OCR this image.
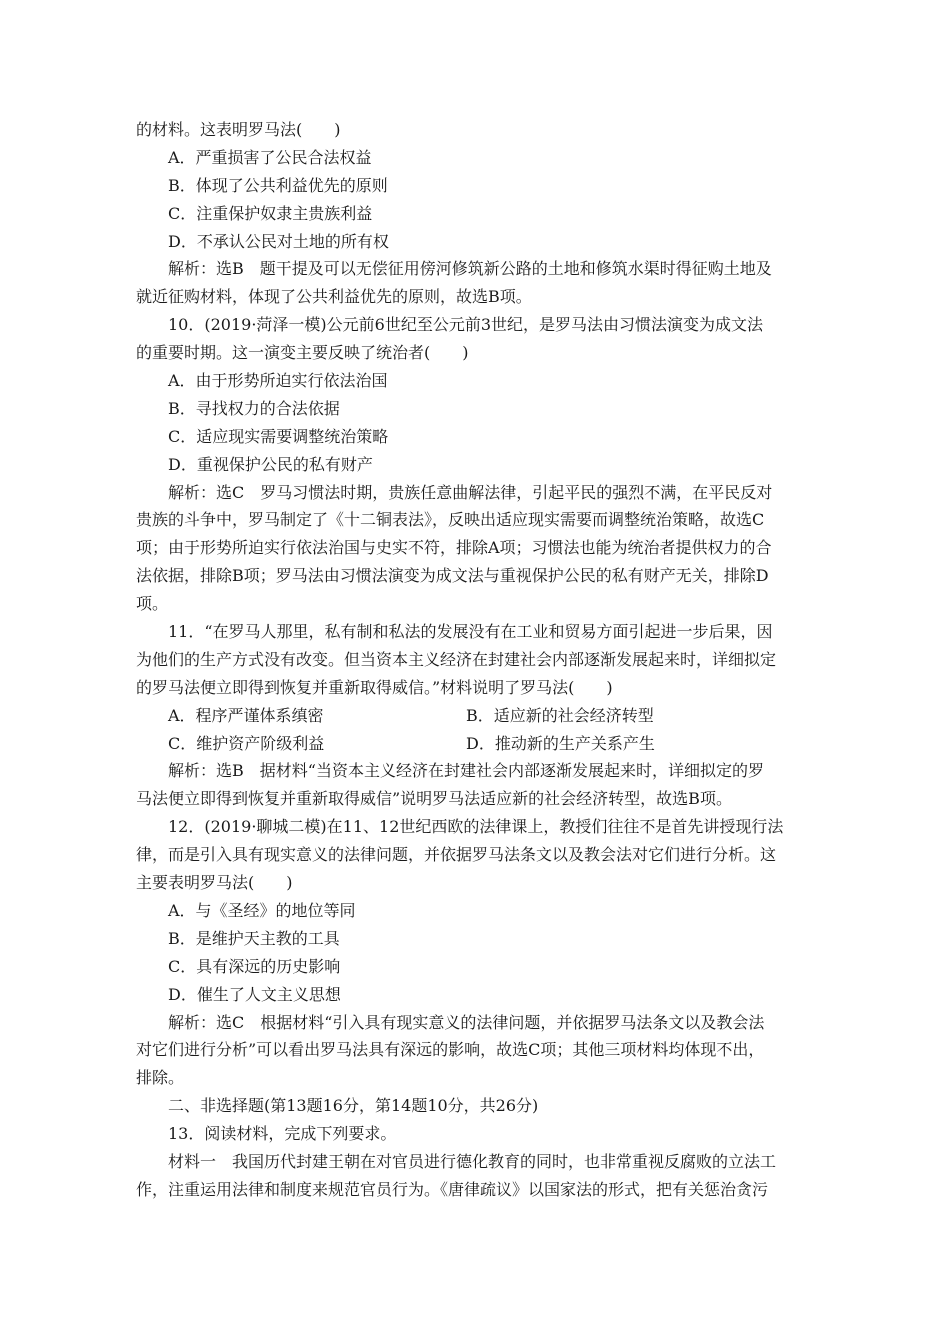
的材料。这表明罗马法(　　)
A．严重损害了公民合法权益
B．体现了公共利益优先的原则
C．注重保护奴隶主贵族利益
D．不承认公民对土地的所有权
解析：选B　题干提及可以无偿征用傍河修筑新公路的土地和修筑水渠时得征购土地及
就近征购材料，体现了公共利益优先的原则，故选B项。
10．(2019·菏泽一模)公元前6世纪至公元前3世纪，是罗马法由习惯法演变为成文法
的重要时期。这一演变主要反映了统治者(　　)
A．由于形势所迫实行依法治国
B．寻找权力的合法依据
C．适应现实需要调整统治策略
D．重视保护公民的私有财产
解析：选C　罗马习惯法时期，贵族任意曲解法律，引起平民的强烈不满，在平民反对
贵族的斗争中，罗马制定了《十二铜表法》，反映出适应现实需要而调整统治策略，故选C
项；由于形势所迫实行依法治国与史实不符，排除A项；习惯法也能为统治者提供权力的合
法依据，排除B项；罗马法由习惯法演变为成文法与重视保护公民的私有财产无关，排除D
项。
11．“在罗马人那里，私有制和私法的发展没有在工业和贸易方面引起进一步后果，因
为他们的生产方式没有改变。但当资本主义经济在封建社会内部逐渐发展起来时，详细拟定
的罗马法便立即得到恢复并重新取得威信。”材料说明了罗马法(　　)
A．程序严谨体系缜密	B．适应新的社会经济转型
C．维护资产阶级利益	D．推动新的生产关系产生
解析：选B　据材料“当资本主义经济在封建社会内部逐渐发展起来时，详细拟定的罗
马法便立即得到恢复并重新取得威信”说明罗马法适应新的社会经济转型，故选B项。
12．(2019·聊城二模)在11、12世纪西欧的法律课上，教授们往往不是首先讲授现行法
律，而是引入具有现实意义的法律问题，并依据罗马法条文以及教会法对它们进行分析。这
主要表明罗马法(　　)
A．与《圣经》的地位等同
B．是维护天主教的工具
C．具有深远的历史影响
D．催生了人文主义思想
解析：选C　根据材料“引入具有现实意义的法律问题，并依据罗马法条文以及教会法
对它们进行分析”可以看出罗马法具有深远的影响，故选C项；其他三项材料均体现不出，
排除。
二、非选择题(第13题16分，第14题10分，共26分)
13．阅读材料，完成下列要求。
材料一　我国历代封建王朝在对官员进行德化教育的同时，也非常重视反腐败的立法工
作，注重运用法律和制度来规范官员行为。《唐律疏议》以国家法的形式，把有关惩治贪污
